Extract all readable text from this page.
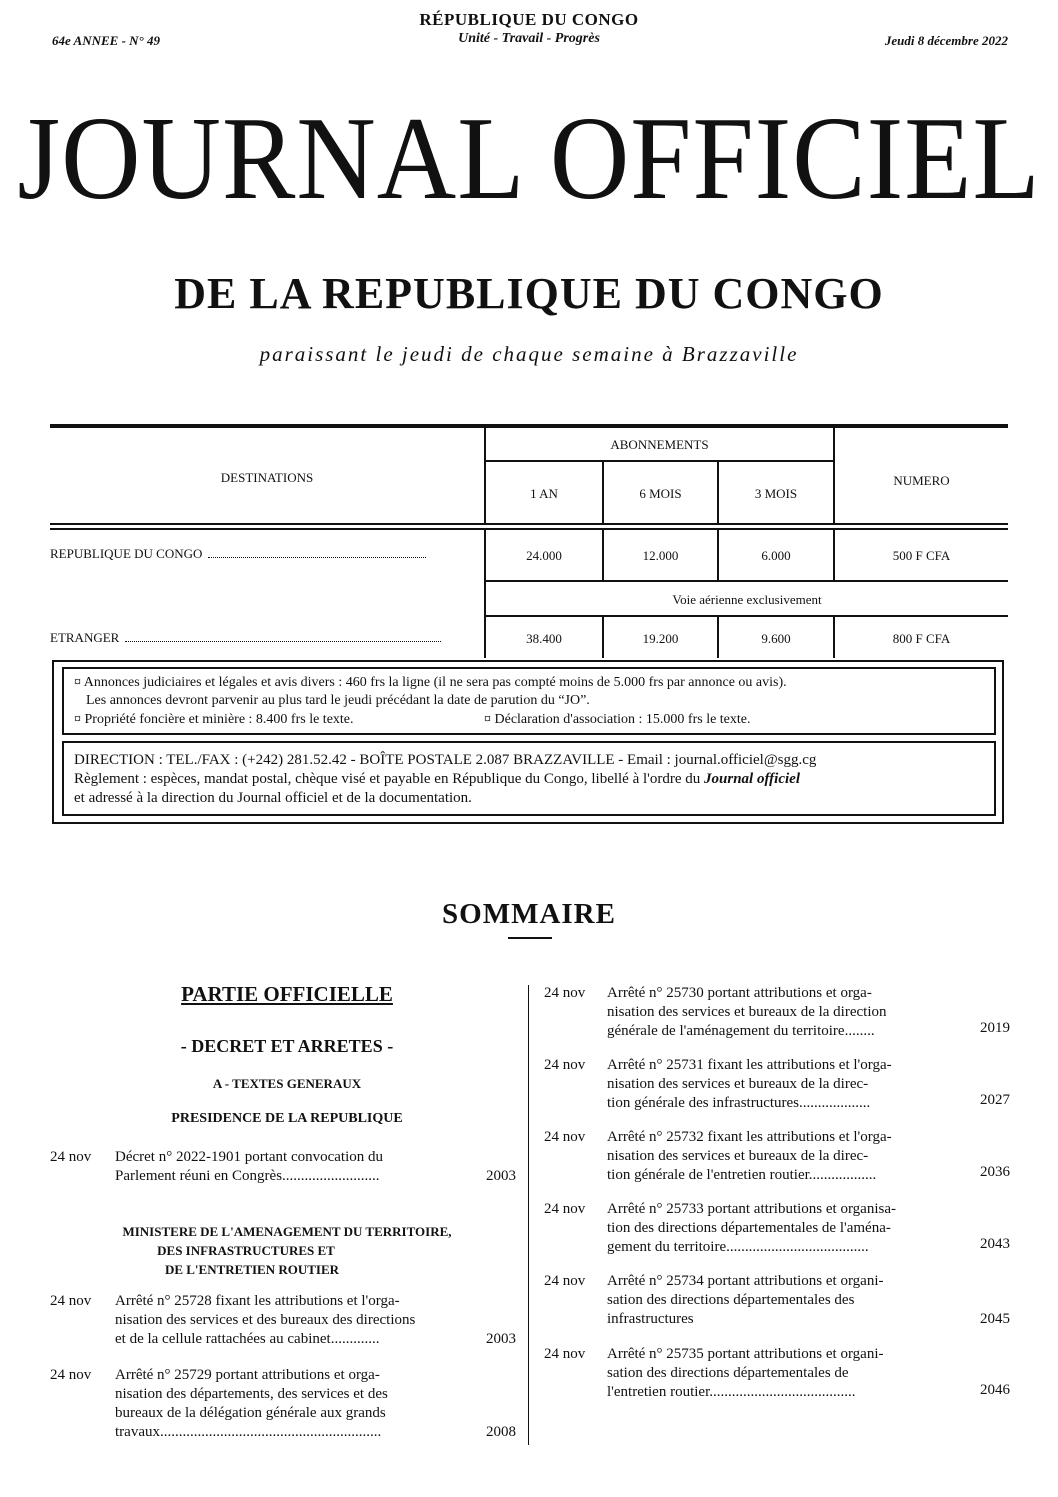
RÉPUBLIQUE DU CONGO
Unité - Travail - Progrès
64e ANNEE - N° 49	Jeudi 8 décembre 2022
JOURNAL OFFICIEL
DE LA REPUBLIQUE DU CONGO
paraissant le jeudi de chaque semaine à Brazzaville
DESTINATIONS
ABONNEMENTS
NUMERO
1 AN	6 MOIS	3 MOIS
REPUBLIQUE DU CONGO	24.000	12.000	6.000	500 F CFA
Voie aérienne exclusivement
ETRANGER	38.400	19.200	9.600	800 F CFA
¤ Annonces judiciaires et légales et avis divers : 460 frs la ligne (il ne sera pas compté moins de 5.000 frs par annonce ou avis).
Les annonces devront parvenir au plus tard le jeudi précédant la date de parution du “JO”.
¤ Propriété foncière et minière : 8.400 frs le texte.	¤ Déclaration d'association : 15.000 frs le texte.
DIRECTION : TEL./FAX : (+242) 281.52.42 - BOÎTE POSTALE 2.087 BRAZZAVILLE - Email : journal.officiel@sgg.cg
Règlement : espèces, mandat postal, chèque visé et payable en République du Congo, libellé à l'ordre du Journal officiel
et adressé à la direction du Journal officiel et de la documentation.
SOMMAIRE
PARTIE OFFICIELLE
- DECRET ET ARRETES -
A - TEXTES GENERAUX
PRESIDENCE DE LA REPUBLIQUE
MINISTERE DE L'AMENAGEMENT DU TERRITOIRE,
DES INFRASTRUCTURES ET
DE L'ENTRETIEN ROUTIER
24 nov Décret n° 2022-1901 portant convocation du
Parlement réuni en Congrès..........................	2003
24 nov Arrêté n° 25728 fixant les attributions et l'orga-
nisation des services et des bureaux des directions
et de la cellule rattachées au cabinet.............	2003
24 nov Arrêté n° 25729 portant attributions et orga-
nisation des départements, des services et des
bureaux de la délégation générale aux grands
travaux...........................................................	2008
24 nov Arrêté n° 25730 portant attributions et orga-
nisation des services et bureaux de la direction
générale de l'aménagement du territoire........	2019
24 nov Arrêté n° 25731 fixant les attributions et l'orga-
nisation des services et bureaux de la direc-
tion générale des infrastructures...................	2027
24 nov Arrêté n° 25732 fixant les attributions et l'orga-
nisation des services et bureaux de la direc-
tion générale de l'entretien routier..................	2036
24 nov Arrêté n° 25733 portant attributions et organisa-
tion des directions départementales de l'aména-
gement du territoire......................................	2043
24 nov Arrêté n° 25734 portant attributions et organi-
sation des directions départementales des
infrastructures	2045
24 nov Arrêté n° 25735 portant attributions et organi-
sation des directions départementales de
l'entretien routier.......................................	2046
